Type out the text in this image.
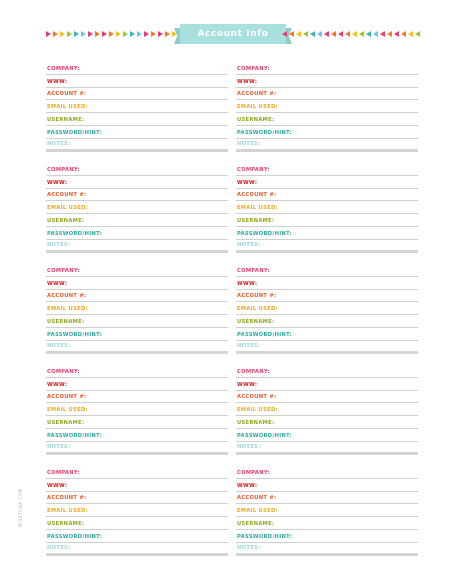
Account Info
COMPANY:
WWW:
ACCOUNT #:
EMAIL USED:
USERNAME:
PASSWORD/HINT:
NOTES:
COMPANY:
WWW:
ACCOUNT #:
EMAIL USED:
USERNAME:
PASSWORD/HINT:
NOTES:
COMPANY:
WWW:
ACCOUNT #:
EMAIL USED:
USERNAME:
PASSWORD/HINT:
NOTES:
COMPANY:
WWW:
ACCOUNT #:
EMAIL USED:
USERNAME:
PASSWORD/HINT:
NOTES:
COMPANY:
WWW:
ACCOUNT #:
EMAIL USED:
USERNAME:
PASSWORD/HINT:
NOTES:
COMPANY:
WWW:
ACCOUNT #:
EMAIL USED:
USERNAME:
PASSWORD/HINT:
NOTES:
COMPANY:
WWW:
ACCOUNT #:
EMAIL USED:
USERNAME:
PASSWORD/HINT:
NOTES:
COMPANY:
WWW:
ACCOUNT #:
EMAIL USED:
USERNAME:
PASSWORD/HINT:
NOTES:
COMPANY:
WWW:
ACCOUNT #:
EMAIL USED:
USERNAME:
PASSWORD/HINT:
NOTES:
COMPANY:
WWW:
ACCOUNT #:
EMAIL USED:
USERNAME:
PASSWORD/HINT:
NOTES:
MISSTIINA.COM
